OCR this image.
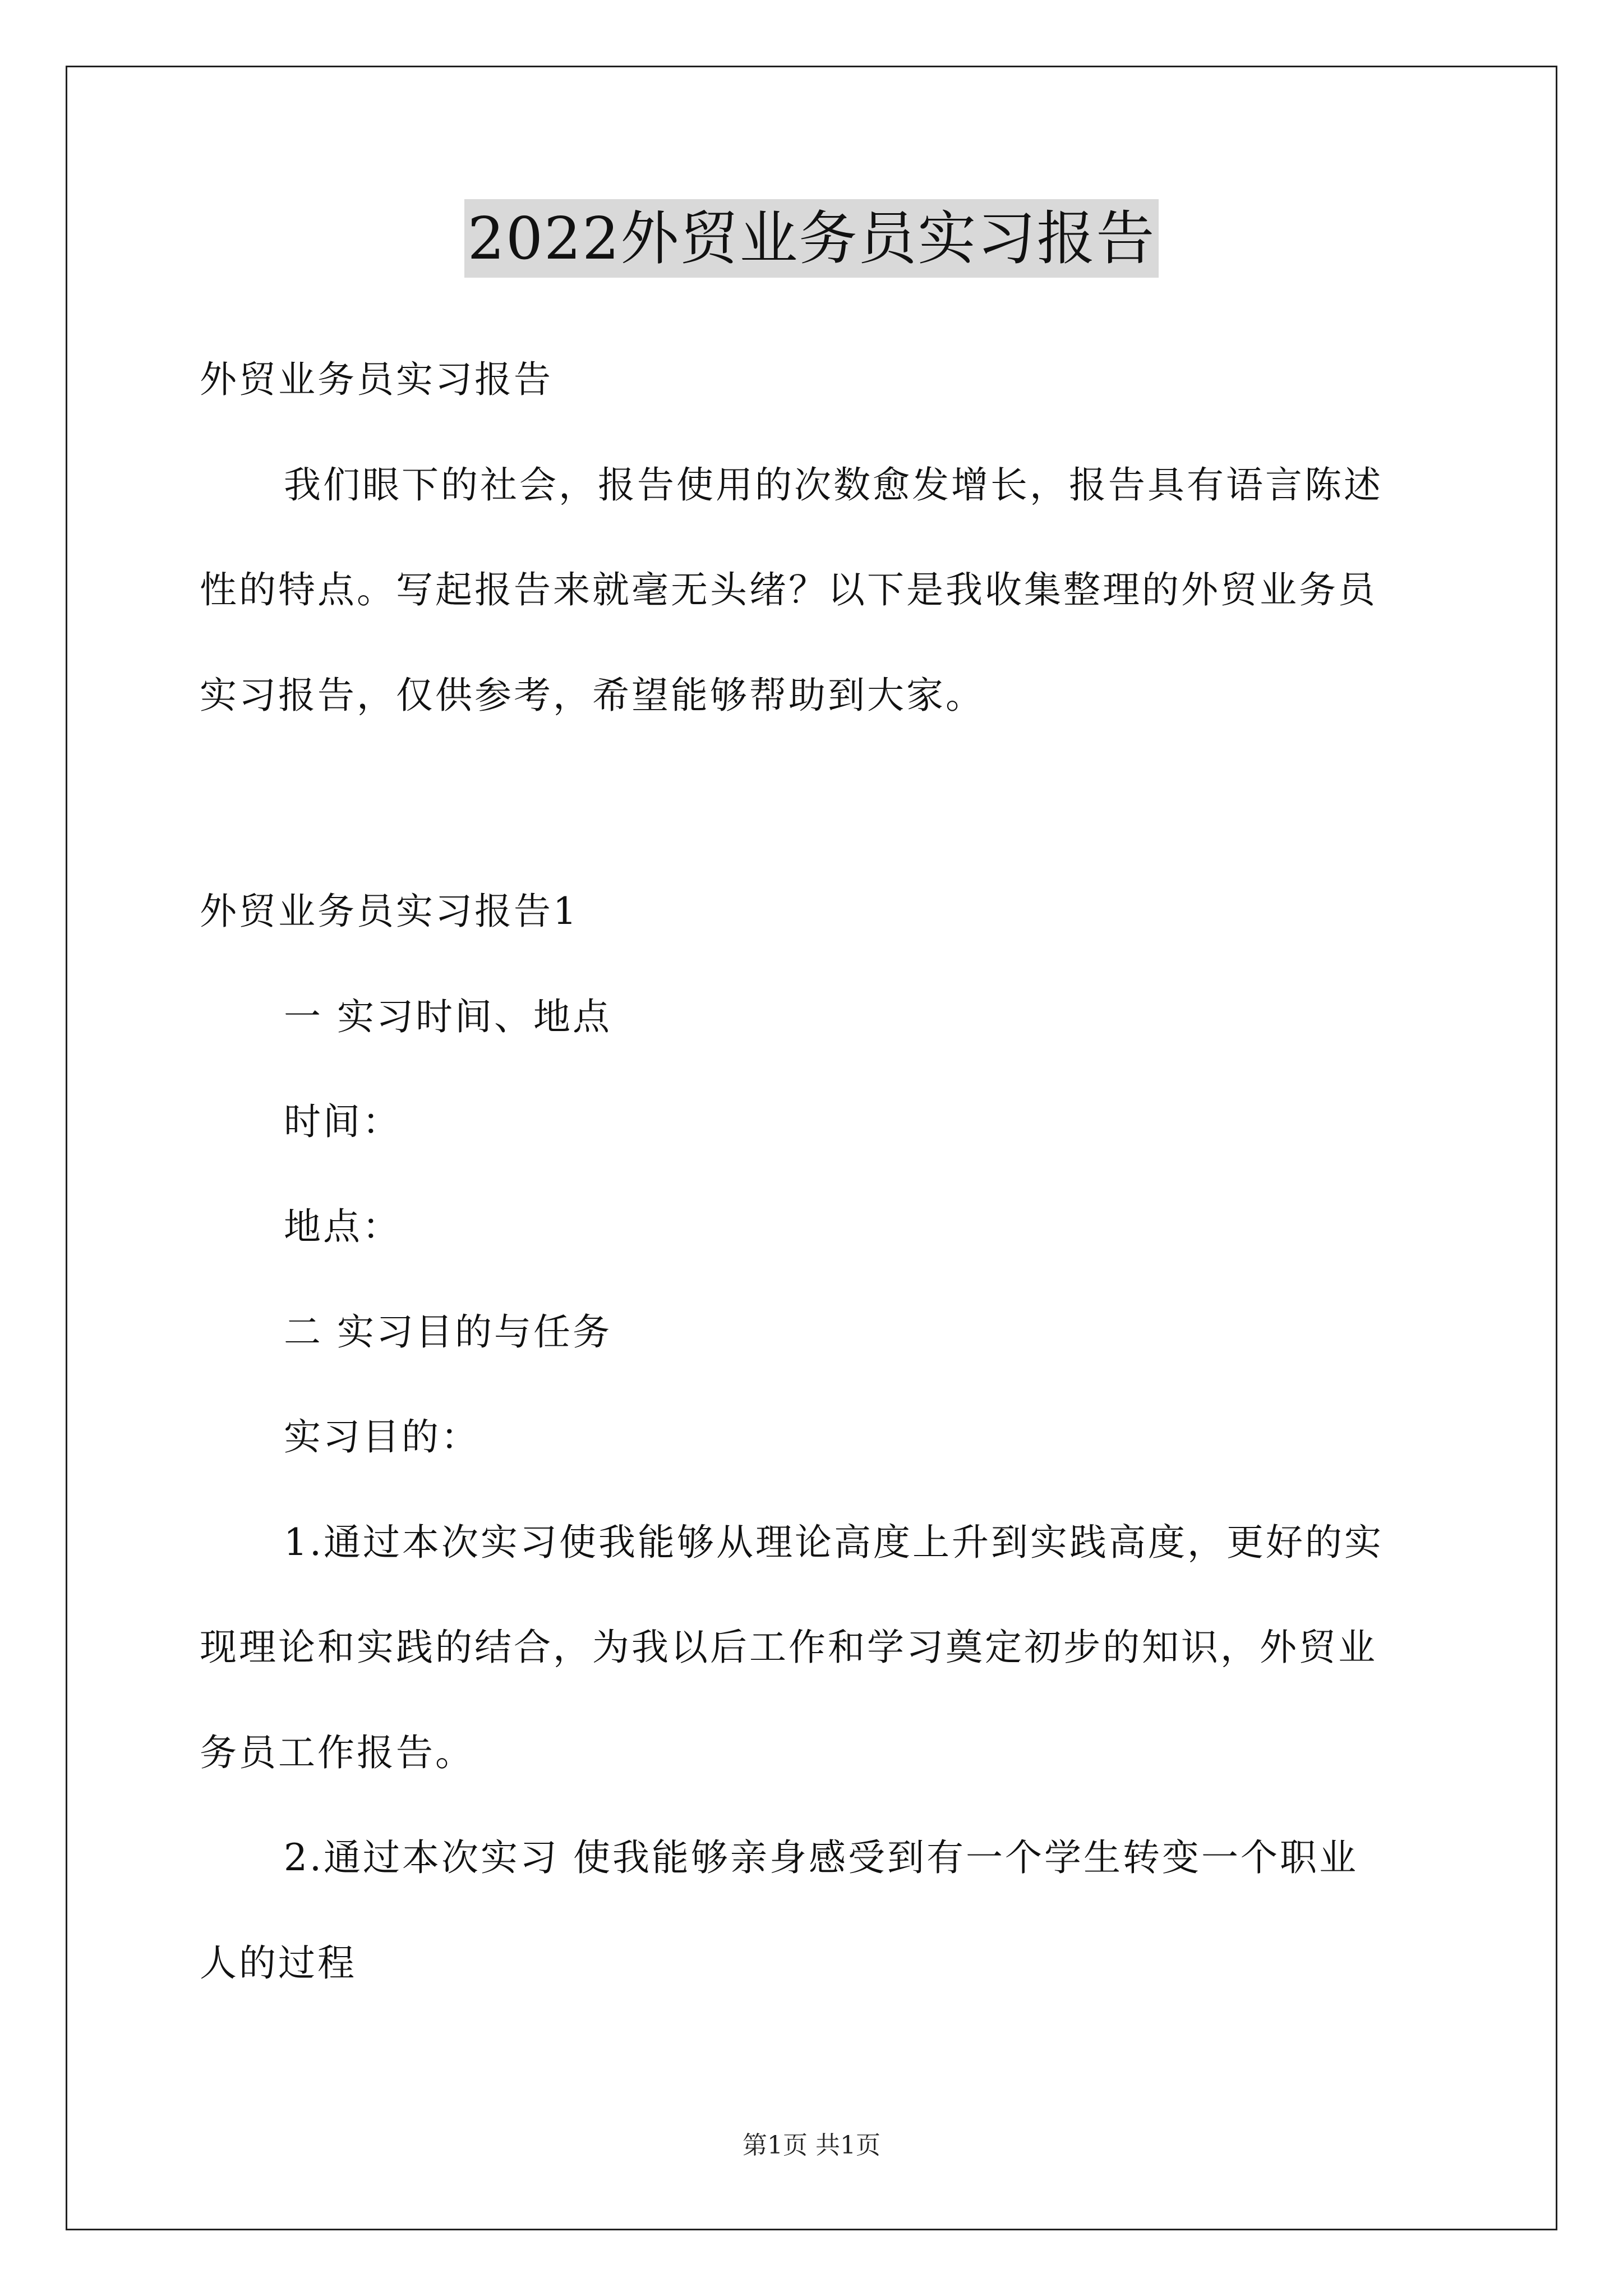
2022外贸业务员实习报告
外贸业务员实习报告
我们眼下的社会，报告使用的次数愈发增长，报告具有语言陈述
性的特点。写起报告来就毫无头绪？以下是我收集整理的外贸业务员
实习报告，仅供参考，希望能够帮助到大家。
外贸业务员实习报告1
一 实习时间、地点
时间：
地点：
二 实习目的与任务
实习目的：
1.通过本次实习使我能够从理论高度上升到实践高度，更好的实
现理论和实践的结合，为我以后工作和学习奠定初步的知识，外贸业
务员工作报告。
2.通过本次实习 使我能够亲身感受到有一个学生转变一个职业
人的过程
第1页 共1页
